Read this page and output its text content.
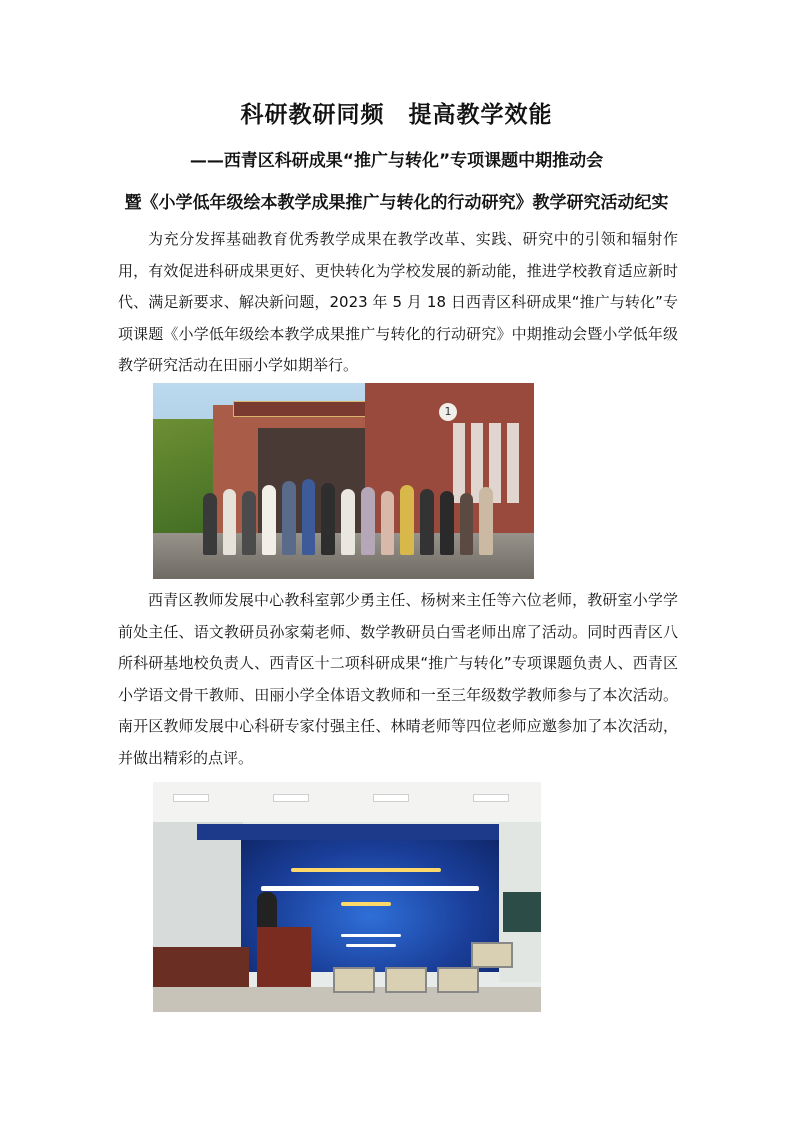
科研教研同频　提高教学效能
——西青区科研成果“推广与转化”专项课题中期推动会
暨《小学低年级绘本教学成果推广与转化的行动研究》教学研究活动纪实
为充分发挥基础教育优秀教学成果在教学改革、实践、研究中的引领和辐射作用，有效促进科研成果更好、更快转化为学校发展的新动能，推进学校教育适应新时代、满足新要求、解决新问题，2023 年 5 月 18 日西青区科研成果“推广与转化”专项课题《小学低年级绘本教学成果推广与转化的行动研究》中期推动会暨小学低年级教学研究活动在田丽小学如期举行。
1
西青区教师发展中心教科室郭少勇主任、杨树来主任等六位老师，教研室小学学前处主任、语文教研员孙家菊老师、数学教研员白雪老师出席了活动。同时西青区八所科研基地校负责人、西青区十二项科研成果“推广与转化”专项课题负责人、西青区小学语文骨干教师、田丽小学全体语文教师和一至三年级数学教师参与了本次活动。南开区教师发展中心科研专家付强主任、林晴老师等四位老师应邀参加了本次活动，并做出精彩的点评。
